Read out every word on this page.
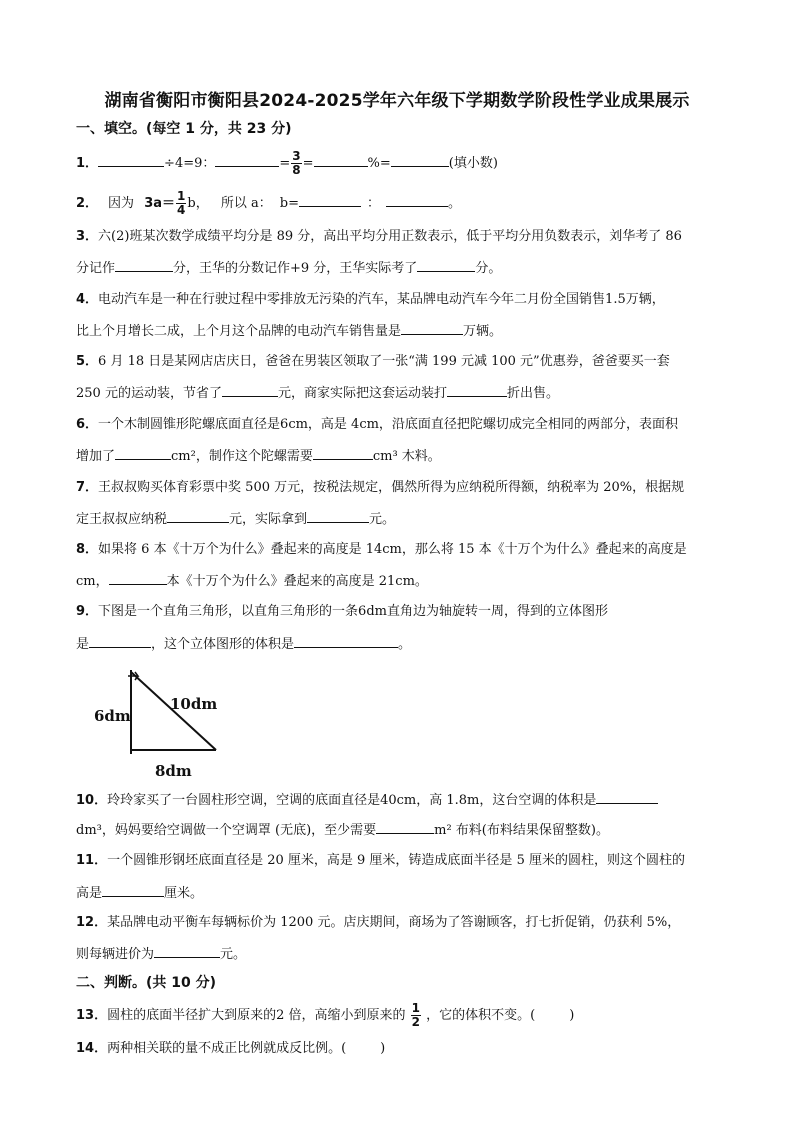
湖南省衡阳市衡阳县2024-2025学年六年级下学期数学阶段性学业成果展示
一、填空。(每空 1 分，共 23 分)
1．	÷4=9：	= $\frac{3}{8}$ =	%=	(填小数)
2． 因为 $3a= \frac{1}{4}$ b， 所以 a： b=	：	。
3．六(2)班某次数学成绩平均分是 89 分，高出平均分用正数表示，低于平均分用负数表示，刘华考了 86
分记作	分，王华的分数记作+9 分，王华实际考了	分。
4．电动汽车是一种在行驶过程中零排放无污染的汽车，某品牌电动汽车今年二月份全国销售1.5万辆，
比上个月增长二成，上个月这个品牌的电动汽车销售量是	万辆。
5．6 月 18 日是某网店店庆日，爸爸在男装区领取了一张“满 199 元减 100 元”优惠券，爸爸要买一套
250 元的运动装，节省了	元，商家实际把这套运动装打	折出售。
6．一个木制圆锥形陀螺底面直径是6cm，高是 4cm，沿底面直径把陀螺切成完全相同的两部分，表面积
增加了	cm²，制作这个陀螺需要	cm³ 木料。
7．王叔叔购买体育彩票中奖 500 万元，按税法规定，偶然所得为应纳税所得额，纳税率为 20%，根据规
定王叔叔应纳税	元，实际拿到	元。
8．如果将 6 本《十万个为什么》叠起来的高度是 14cm，那么将 15 本《十万个为什么》叠起来的高度是
cm，	本《十万个为什么》叠起来的高度是 21cm。
9．下图是一个直角三角形，以直角三角形的一条6dm直角边为轴旋转一周，得到的立体图形
是	，这个立体图形的体积是	。
6dm
10dm
8dm
10．玲玲家买了一台圆柱形空调，空调的底面直径是40cm，高 1.8m，这台空调的体积是
dm³，妈妈要给空调做一个空调罩 (无底)，至少需要	m² 布料(布料结果保留整数)。
11．一个圆锥形钢坯底面直径是 20 厘米，高是 9 厘米，铸造成底面半径是 5 厘米的圆柱，则这个圆柱的
高是	厘米。
12．某品牌电动平衡车每辆标价为 1200 元。店庆期间，商场为了答谢顾客，打七折促销，仍获利 5%，
则每辆进价为	元。
二、判断。(共 10 分)
13．圆柱的底面半径扩大到原来的2 倍，高缩小到原来的 $\frac{1}{2}$ ，它的体积不变。(	)
14．两种相关联的量不成正比例就成反比例。(	)
